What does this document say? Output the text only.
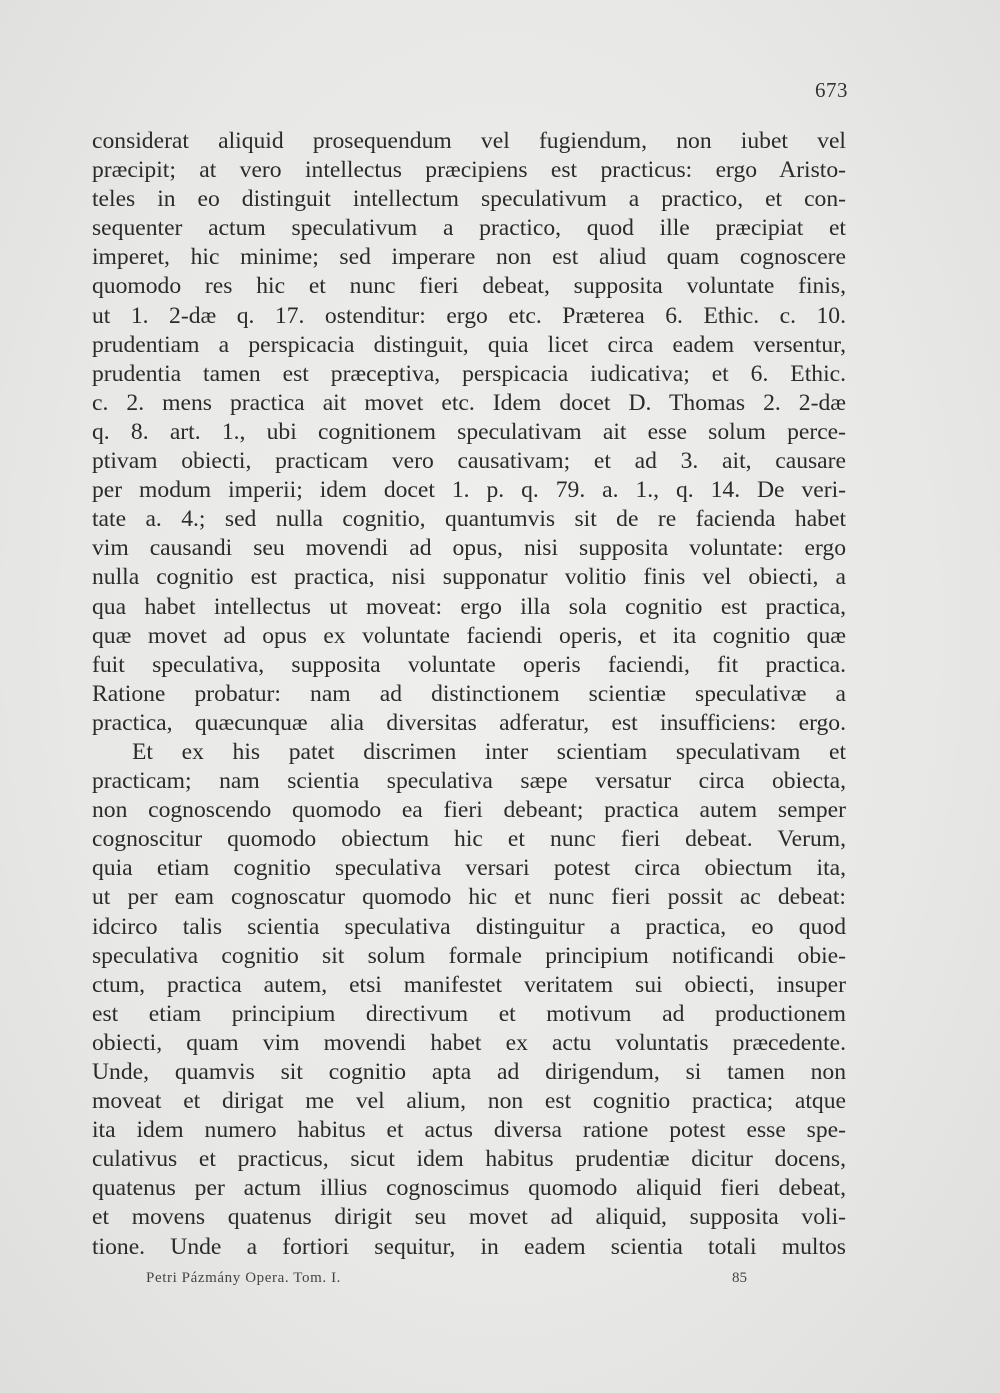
673
considerat aliquid prosequendum vel fugiendum, non iubet vel
præcipit; at vero intellectus præcipiens est practicus: ergo Aristo-
teles in eo distinguit intellectum speculativum a practico, et con-
sequenter actum speculativum a practico, quod ille præcipiat et
imperet, hic minime; sed imperare non est aliud quam cognoscere
quomodo res hic et nunc fieri debeat, supposita voluntate finis,
ut 1. 2-dæ q. 17. ostenditur: ergo etc. Præterea 6. Ethic. c. 10.
prudentiam a perspicacia distinguit, quia licet circa eadem versentur,
prudentia tamen est præceptiva, perspicacia iudicativa; et 6. Ethic.
c. 2. mens practica ait movet etc. Idem docet D. Thomas 2. 2-dæ
q. 8. art. 1., ubi cognitionem speculativam ait esse solum perce-
ptivam obiecti, practicam vero causativam; et ad 3. ait, causare
per modum imperii; idem docet 1. p. q. 79. a. 1., q. 14. De veri-
tate a. 4.; sed nulla cognitio, quantumvis sit de re facienda habet
vim causandi seu movendi ad opus, nisi supposita voluntate: ergo
nulla cognitio est practica, nisi supponatur volitio finis vel obiecti, a
qua habet intellectus ut moveat: ergo illa sola cognitio est practica,
quæ movet ad opus ex voluntate faciendi operis, et ita cognitio quæ
fuit speculativa, supposita voluntate operis faciendi, fit practica.
Ratione probatur: nam ad distinctionem scientiæ speculativæ a
practica, quæcunquæ alia diversitas adferatur, est insufficiens: ergo.
Et ex his patet discrimen inter scientiam speculativam et
practicam; nam scientia speculativa sæpe versatur circa obiecta,
non cognoscendo quomodo ea fieri debeant; practica autem semper
cognoscitur quomodo obiectum hic et nunc fieri debeat. Verum,
quia etiam cognitio speculativa versari potest circa obiectum ita,
ut per eam cognoscatur quomodo hic et nunc fieri possit ac debeat:
idcirco talis scientia speculativa distinguitur a practica, eo quod
speculativa cognitio sit solum formale principium notificandi obie-
ctum, practica autem, etsi manifestet veritatem sui obiecti, insuper
est etiam principium directivum et motivum ad productionem
obiecti, quam vim movendi habet ex actu voluntatis præcedente.
Unde, quamvis sit cognitio apta ad dirigendum, si tamen non
moveat et dirigat me vel alium, non est cognitio practica; atque
ita idem numero habitus et actus diversa ratione potest esse spe-
culativus et practicus, sicut idem habitus prudentiæ dicitur docens,
quatenus per actum illius cognoscimus quomodo aliquid fieri debeat,
et movens quatenus dirigit seu movet ad aliquid, supposita voli-
tione. Unde a fortiori sequitur, in eadem scientia totali multos
Petri Pázmány Opera. Tom. I.	85
